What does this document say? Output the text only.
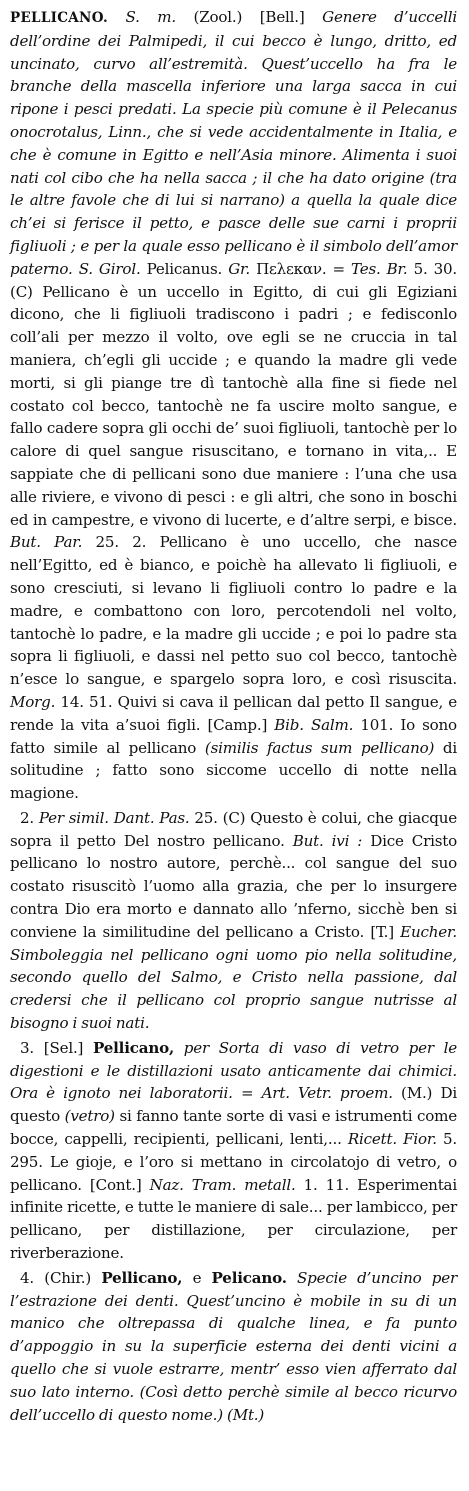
PELLICANO. S. m. (Zool.) [Bell.] Genere d’uccelli dell’ordine dei Palmipedi, il cui becco è lungo, dritto, ed uncinato, curvo all’estremità. Quest’uccello ha fra le branche della mascella inferiore una larga sacca in cui ripone i pesci predati. La specie più comune è il Pelecanus onocrotalus, Linn., che si vede accidentalmente in Italia, e che è comune in Egitto e nell’Asia minore. Alimenta i suoi nati col cibo che ha nella sacca ; il che ha dato origine (tra le altre favole che di lui si narrano) a quella la quale dice ch’ei si ferisce il petto, e pasce delle sue carni i proprii figliuoli ; e per la quale esso pellicano è il simbolo dell’amor paterno. S. Girol. Pelicanus. Gr. Πελεκαν. = Tes. Br. 5. 30. (C) Pellicano è un uccello in Egitto, di cui gli Egiziani dicono, che li figliuoli tradiscono i padri ; e fedisconlo coll’ali per mezzo il volto, ove egli se ne cruccia in tal maniera, ch’egli gli uccide ; e quando la madre gli vede morti, si gli piange tre dì tantochè alla fine si fiede nel costato col becco, tantochè ne fa uscire molto sangue, e fallo cadere sopra gli occhi de’ suoi figliuoli, tantochè per lo calore di quel sangue risuscitano, e tornano in vita,.. E sappiate che di pellicani sono due maniere : l’una che usa alle riviere, e vivono di pesci : e gli altri, che sono in boschi ed in campestre, e vivono di lucerte, e d’altre serpi, e bisce. But. Par. 25. 2. Pellicano è uno uccello, che nasce nell’Egitto, ed è bianco, e poichè ha allevato li figliuoli, e sono cresciuti, si levano li figliuoli contro lo padre e la madre, e combattono con loro, percotendoli nel volto, tantochè lo padre, e la madre gli uccide ; e poi lo padre sta sopra li figliuoli, e dassi nel petto suo col becco, tantochè n’esce lo sangue, e spargelo sopra loro, e così risuscita. Morg. 14. 51. Quivi si cava il pellican dal petto Il sangue, e rende la vita a’suoi figli. [Camp.] Bib. Salm. 101. Io sono fatto simile al pellicano (similis factus sum pellicano) di solitudine ; fatto sono siccome uccello di notte nella magione.

2. Per simil. Dant. Pas. 25. (C) Questo è colui, che giacque sopra il petto Del nostro pellicano. But. ivi : Dice Cristo pellicano lo nostro autore, perchè... col sangue del suo costato risuscitò l’uomo alla grazia, che per lo insurgere contra Dio era morto e dannato allo ’nferno, sicchè ben si conviene la similitudine del pellicano a Cristo. [T.] Eucher. Simboleggia nel pellicano ogni uomo pio nella solitudine, secondo quello del Salmo, e Cristo nella passione, dal credersi che il pellicano col proprio sangue nutrisse al bisogno i suoi nati.

3. [Sel.] Pellicano, per Sorta di vaso di vetro per le digestioni e le distillazioni usato anticamente dai chimici. Ora è ignoto nei laboratorii. = Art. Vetr. proem. (M.) Di questo (vetro) si fanno tante sorte di vasi e istrumenti come bocce, cappelli, recipienti, pellicani, lenti,... Ricett. Fior. 5. 295. Le gioje, e l’oro si mettano in circolatojo di vetro, o pellicano. [Cont.] Naz. Tram. metall. 1. 11. Esperimentai infinite ricette, e tutte le maniere di sale... per lambicco, per pellicano, per distillazione, per circulazione, per riverberazione.

4. (Chir.) Pellicano, e Pelicano. Specie d’uncino per l’estrazione dei denti. Quest’uncino è mobile in su di un manico che oltrepassa di qualche linea, e fa punto d’appoggio in su la superficie esterna dei denti vicini a quello che si vuole estrarre, mentr’ esso vien afferrato dal suo lato interno. (Così detto perchè simile al becco ricurvo dell’uccello di questo nome.) (Mt.)
